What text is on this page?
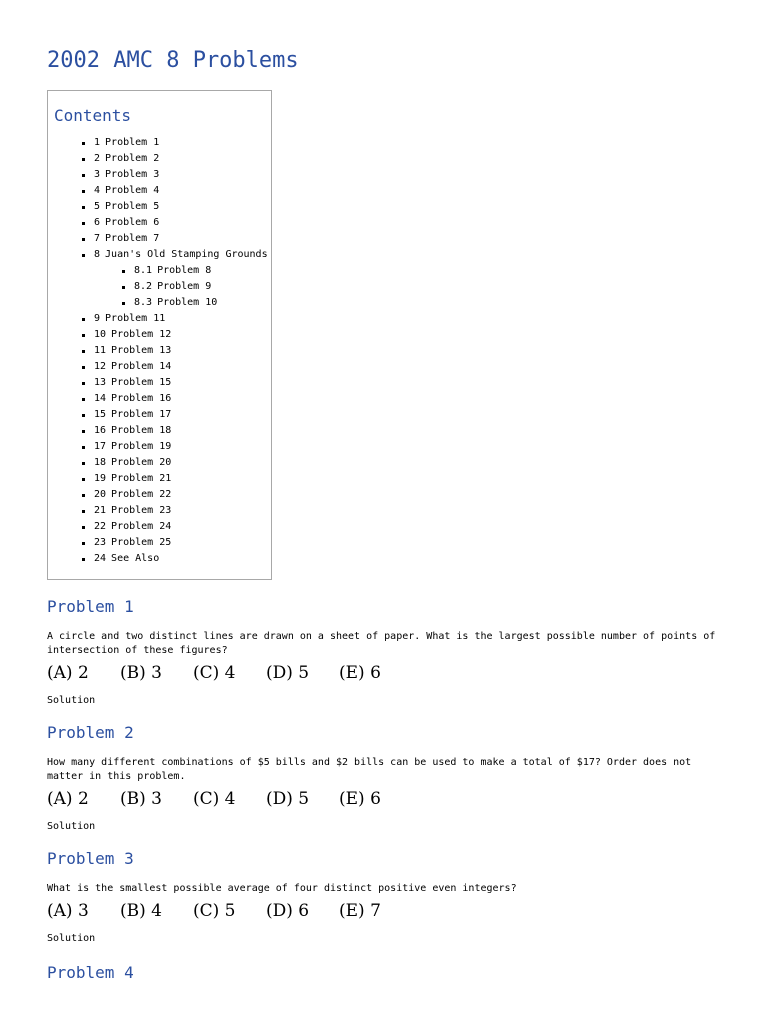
2002 AMC 8 Problems
Contents
1 Problem 1
2 Problem 2
3 Problem 3
4 Problem 4
5 Problem 5
6 Problem 6
7 Problem 7
8 Juan's Old Stamping Grounds
8.1 Problem 8
8.2 Problem 9
8.3 Problem 10
9 Problem 11
10 Problem 12
11 Problem 13
12 Problem 14
13 Problem 15
14 Problem 16
15 Problem 17
16 Problem 18
17 Problem 19
18 Problem 20
19 Problem 21
20 Problem 22
21 Problem 23
22 Problem 24
23 Problem 25
24 See Also
Problem 1

A circle and two distinct lines are drawn on a sheet of paper. What is the largest possible number of points of intersection of these figures?

(A) 2 (B) 3 (C) 4 (D) 5 (E) 6
Solution
Problem 2

How many different combinations of $5 bills and $2 bills can be used to make a total of $17? Order does not matter in this problem.

(A) 2 (B) 3 (C) 4 (D) 5 (E) 6
Solution
Problem 3

What is the smallest possible average of four distinct positive even integers?

(A) 3 (B) 4 (C) 5 (D) 6 (E) 7
Solution
Problem 4
